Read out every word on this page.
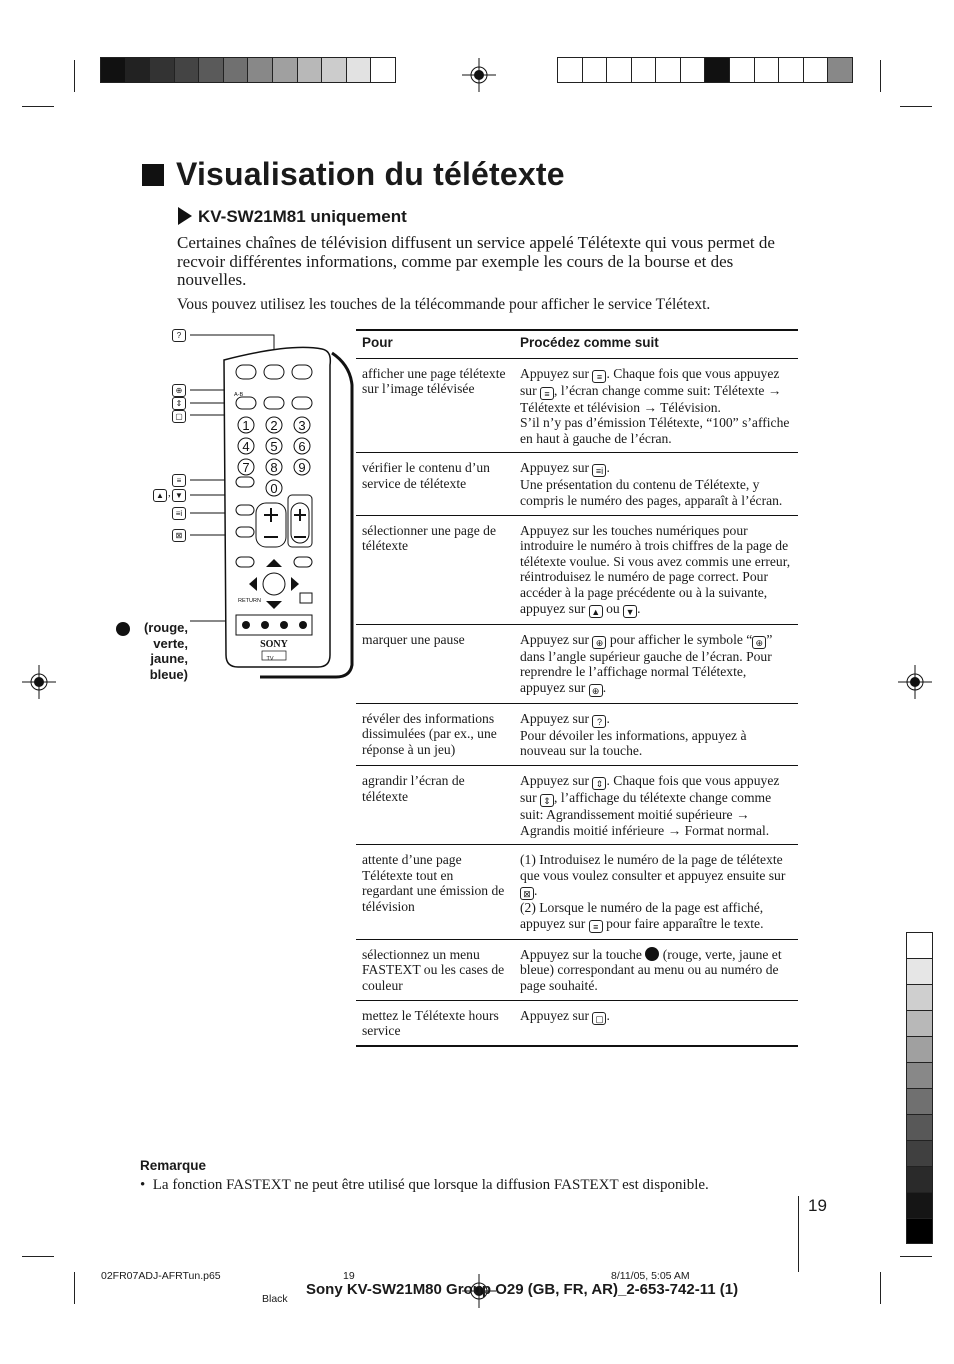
Visualisation du télétexte
KV-SW21M81 uniquement
Certaines chaînes de télévision diffusent un service appelé Télétexte qui vous permet de recvoir différentes informations, comme par exemple les cours de la bourse et des nouvelles.
Vous pouvez utilisez les touches de la télécommande pour afficher le service Télétext.
1 2 3
4 5 6
7 8 9
0
A-B
RETURN
TV
SONY
?
⊕
⇕
▢
≡
▲ , ▼
≡i
⊠
(rouge,
verte,
jaune,
bleue)
Pour	Procédez comme suit
afficher une page télétexte sur l’image télévisée	Appuyez sur ≡ . Chaque fois que vous appuyez sur ≡ , l’écran change comme suit: Télétexte → Télétexte et télévision → Télévision.
S’il n’y pas d’émission Télétexte, “100” s’affiche en haut à gauche de l’écran.
vérifier le contenu d’un service de télétexte	Appuyez sur ≡i .
Une présentation du contenu de Télétexte, y compris le numéro des pages, apparaît à l’écran.
sélectionner une page de télétexte	Appuyez sur les touches numériques pour introduire le numéro à trois chiffres de la page de télétexte voulue. Si vous avez commis une erreur, réintroduisez le numéro de page correct. Pour accéder à la page précédente ou à la suivante, appuyez sur ▲ ou ▼ .
marquer une pause	Appuyez sur ⊕ pour afficher le symbole “ ⊕ ” dans l’angle supérieur gauche de l’écran. Pour reprendre le l’affichage normal Télétexte, appuyez sur ⊕ .
révéler des informations dissimulées (par ex., une réponse à un jeu)	Appuyez sur ? .
Pour dévoiler les informations, appuyez à nouveau sur la touche.
agrandir l’écran de télétexte	Appuyez sur ⇕ . Chaque fois que vous appuyez sur ⇕ , l’affichage du télétexte change comme suit: Agrandissement moitié supérieure → Agrandis moitié inférieure → Format normal.
attente d’une page Télétexte tout en regardant une émission de télévision	(1) Introduisez le numéro de la page de télétexte que vous voulez consulter et appuyez ensuite sur ⊠ .
(2) Lorsque le numéro de la page est affiché, appuyez sur ≡ pour faire apparaître le texte.
sélectionnez un menu FASTEXT ou les cases de couleur	Appuyez sur la touche  (rouge, verte, jaune et bleue) correspondant au menu ou au numéro de page souhaité.
mettez le Télétexte hours service	Appuyez sur ▢ .
Remarque
•  La fonction FASTEXT ne peut être utilisé que lorsque la diffusion FASTEXT est disponible.
19
02FR07ADJ-AFRTun.p65	19	8/11/05, 5:05 AM
Black
Sony KV-SW21M80 Group O29 (GB, FR, AR)_2-653-742-11 (1)
